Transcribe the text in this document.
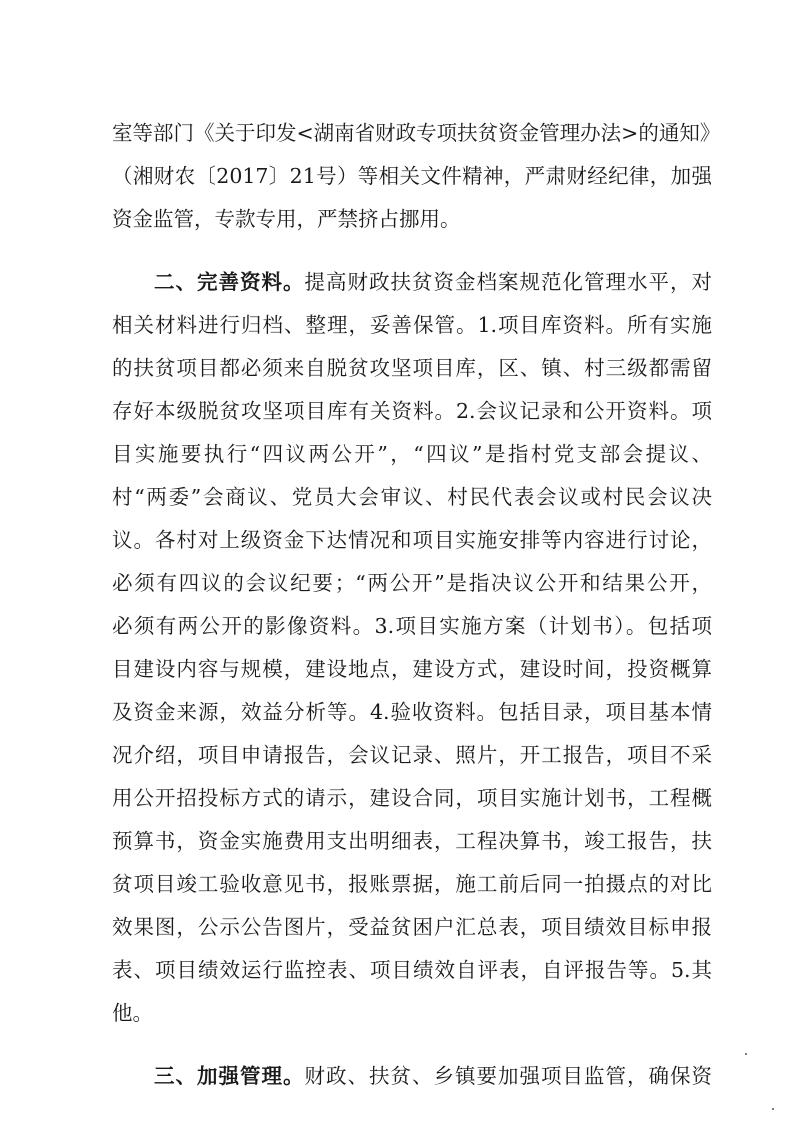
室等部门《关于印发<湖南省财政专项扶贫资金管理办法>的通知》
（湘财农〔2017〕21号）等相关文件精神，严肃财经纪律，加强
资金监管，专款专用，严禁挤占挪用。
二、完善资料。提高财政扶贫资金档案规范化管理水平，对
相关材料进行归档、整理，妥善保管。1.项目库资料。所有实施
的扶贫项目都必须来自脱贫攻坚项目库，区、镇、村三级都需留
存好本级脱贫攻坚项目库有关资料。2.会议记录和公开资料。项
目实施要执行“四议两公开”，“四议”是指村党支部会提议、
村“两委”会商议、党员大会审议、村民代表会议或村民会议决
议。各村对上级资金下达情况和项目实施安排等内容进行讨论，
必须有四议的会议纪要；“两公开”是指决议公开和结果公开，
必须有两公开的影像资料。3.项目实施方案（计划书）。包括项
目建设内容与规模，建设地点，建设方式，建设时间，投资概算
及资金来源，效益分析等。4.验收资料。包括目录，项目基本情
况介绍，项目申请报告，会议记录、照片，开工报告，项目不采
用公开招投标方式的请示，建设合同，项目实施计划书，工程概
预算书，资金实施费用支出明细表，工程决算书，竣工报告，扶
贫项目竣工验收意见书，报账票据，施工前后同一拍摄点的对比
效果图，公示公告图片，受益贫困户汇总表，项目绩效目标申报
表、项目绩效运行监控表、项目绩效自评表，自评报告等。5.其
他。
三、加强管理。财政、扶贫、乡镇要加强项目监管，确保资
